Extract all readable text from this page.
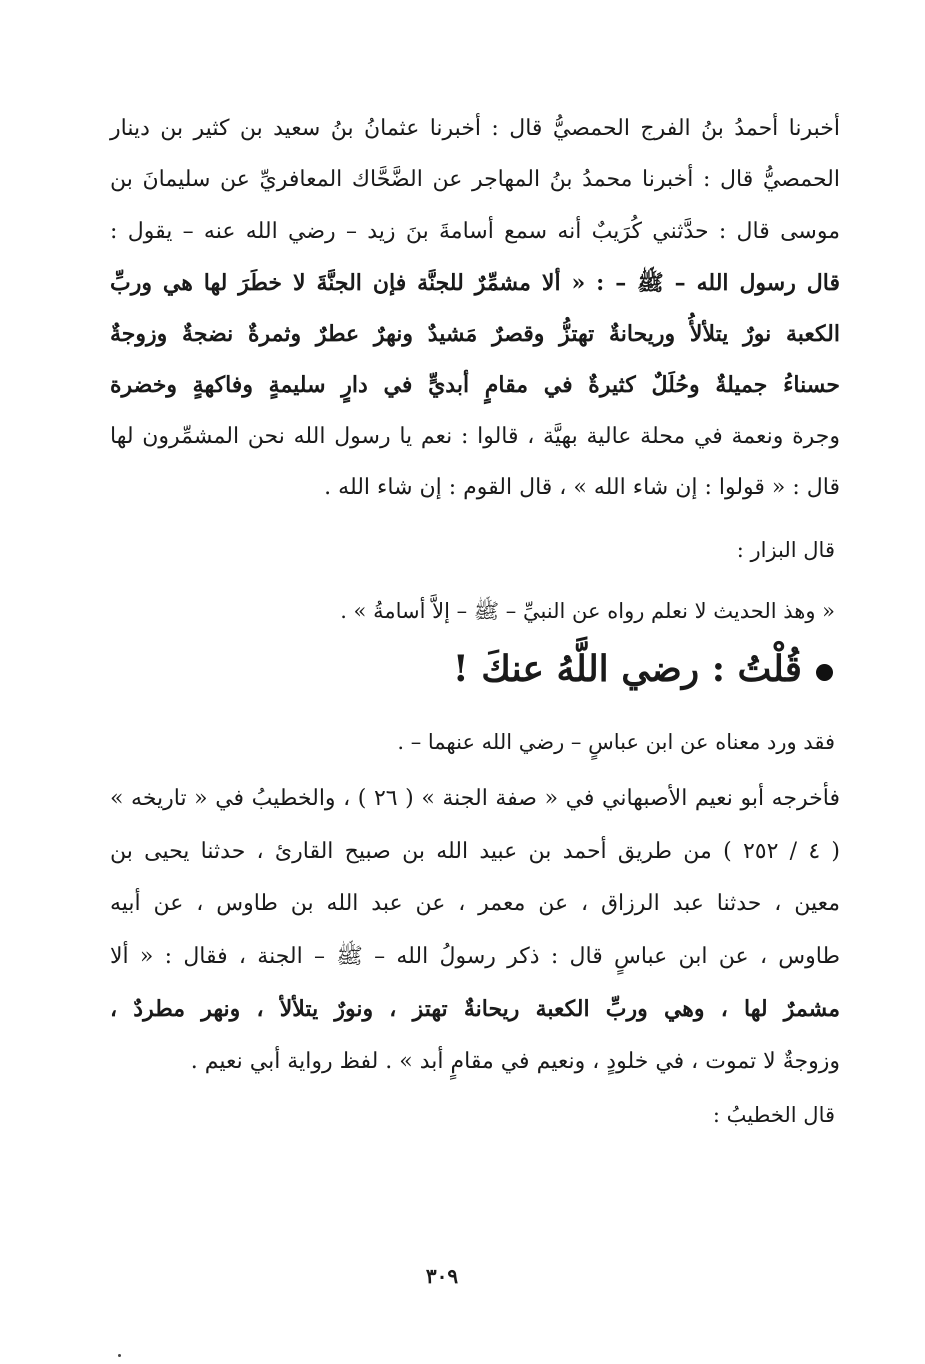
أخبرنا أحمدُ بنُ الفرج الحمصيُّ قال : أخبرنا عثمانُ بنُ سعيد بن كثير بن دينار
الحمصيُّ قال : أخبرنا محمدُ بنُ المهاجر عن الضَّحَّاك المعافريِّ عن سليمانَ بن
موسى قال : حدَّثني كُرَيبٌ أنه سمع أسامةَ بنَ زيد – رضي الله عنه – يقول :
قال رسول الله – ﷺ – : « ألا مشمِّرٌ للجنَّة فإن الجنَّةَ لا خطَرَ لها هي وربِّ
الكعبة نورٌ يتلألأُ وريحانةٌ تهتزُّ وقصرٌ مَشيدٌ ونهرٌ عطرٌ وثمرةٌ نضجةٌ وزوجةٌ
حسناءُ جميلةٌ وحُلَلٌ كثيرةٌ في مقامٍ أبديٍّ في دارٍ سليمةٍ وفاكهةٍ وخضرة
وجرة ونعمة في محلة عالية بهيَّة ، قالوا : نعم يا رسول الله نحن المشمِّرون لها
قال : « قولوا : إن شاء الله » ، قال القوم : إن شاء الله .
قال البزار :
« وهذ الحديث لا نعلم رواه عن النبيِّ – ﷺ – إلاَّ أسامةُ » .
قُلْتُ : رضي اللَّهُ عنكَ !
فقد ورد معناه عن ابن عباسٍ – رضي الله عنهما – .
فأخرجه أبو نعيم الأصبهاني في « صفة الجنة » ( ٢٦ ) ، والخطيبُ في « تاريخه »
( ٤ / ٢٥٢ ) من طريق أحمد بن عبيد الله بن صبيح القارئ ، حدثنا يحيى بن
معين ، حدثنا عبد الرزاق ، عن معمر ، عن عبد الله بن طاوس ، عن أبيه
طاوس ، عن ابن عباسٍ قال : ذكر رسولُ الله – ﷺ – الجنة ، فقال : « ألا
مشمرٌ لها ، وهي وربِّ الكعبة ريحانةٌ تهتز ، ونورٌ يتلألأ ، ونهر مطردٌ ،
وزوجةٌ لا تموت ، في خلودٍ ، ونعيم في مقامٍ أبد » . لفظ رواية أبي نعيم .
قال الخطيبُ :
٣٠٩
